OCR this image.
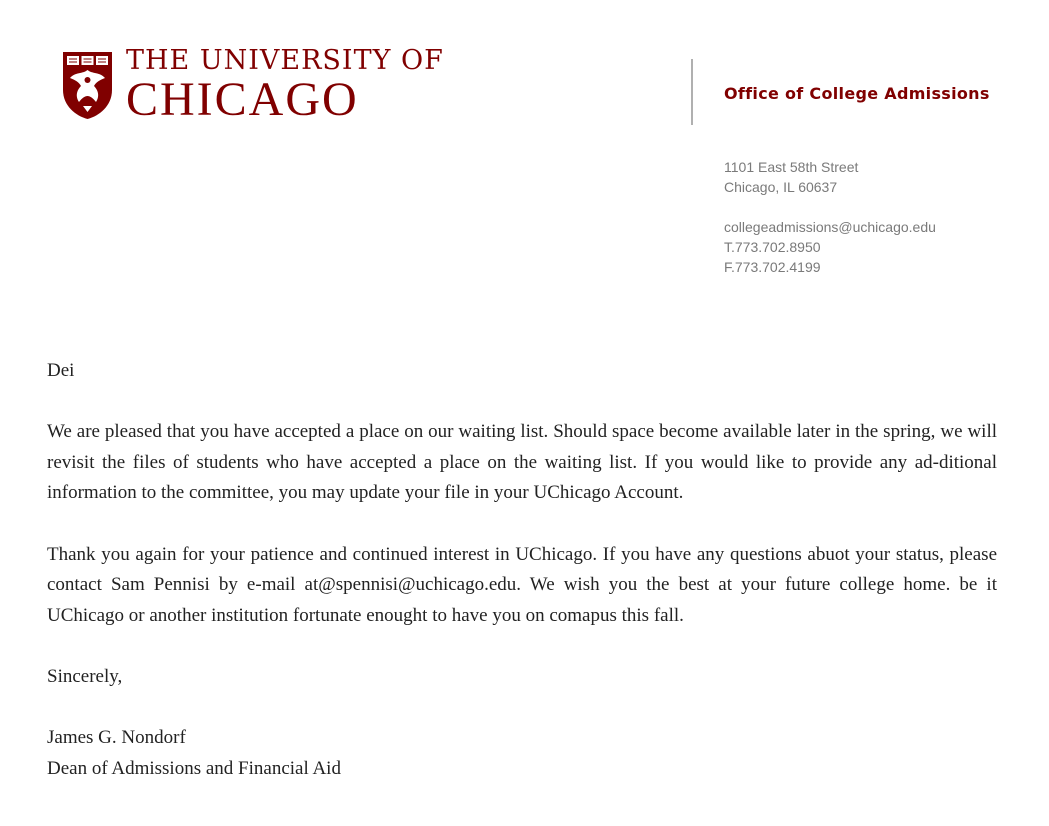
THE UNIVERSITY OF
CHICAGO	Office of College Admissions
1101 East 58th Street
Chicago, IL 60637
collegeadmissions@uchicago.edu
T.773.702.8950
F.773.702.4199

Dei

We are pleased that you have accepted a place on our waiting list. Should space become available later in the spring, we will revisit the files of students who have accepted a place on the waiting list. If you would like to provide any ad-ditional information to the committee, you may update your file in your UChicago Account.

Thank you again for your patience and continued interest in UChicago. If you have any questions abuot your status, please contact Sam Pennisi by e-mail at@spennisi@uchicago.edu. We wish you the best at your future college home. be it UChicago or another institution fortunate enought to have you on comapus this fall.

Sincerely,

James G. Nondorf

Dean of Admissions and Financial Aid
